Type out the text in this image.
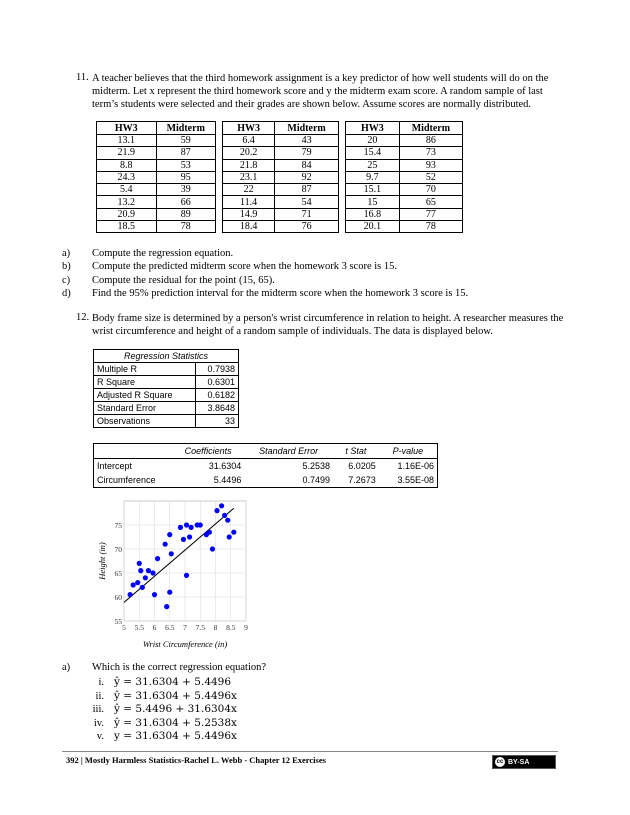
11. A teacher believes that the third homework assignment is a key predictor of how well students will do on the
midterm. Let x represent the third homework score and y the midterm exam score. A random sample of last
term’s students were selected and their grades are shown below. Assume scores are normally distributed.
HW3	Midterm
13.1	59
21.9	87
8.8	53
24.3	95
5.4	39
13.2	66
20.9	89
18.5	78
HW3	Midterm
6.4	43
20.2	79
21.8	84
23.1	92
22	87
11.4	54
14.9	71
18.4	76
HW3	Midterm
20	86
15.4	73
25	93
9.7	52
15.1	70
15	65
16.8	77
20.1	78
a) Compute the regression equation.
b) Compute the predicted midterm score when the homework 3 score is 15.
c) Compute the residual for the point (15, 65).
d) Find the 95% prediction interval for the midterm score when the homework 3 score is 15.
12. Body frame size is determined by a person's wrist circumference in relation to height. A researcher measures the
wrist circumference and height of a random sample of individuals. The data is displayed below.
Regression Statistics	
Multiple R	0.7938
R Square	0.6301
Adjusted R Square	0.6182
Standard Error	3.8648
Observations	33
	Coefficients	Standard Error	t Stat	P-value
Intercept	31.6304	5.2538	6.0205	1.16E-06
Circumference	5.4496	0.7499	7.2673	3.55E-08
5 5.5 6 6.5 7 7.5 8 8.5 9
55
60
65
70
75
Height (in)
Wrist Circumference (in)
a) Which is the correct regression equation?
i. ŷ = 31.6304 + 5.4496
ii. ŷ = 31.6304 + 5.4496x
iii. ŷ = 5.4496 + 31.6304x
iv. ŷ = 31.6304 + 5.2538x
v. y = 31.6304 + 5.4496x
392 | Mostly Harmless Statistics-Rachel L. Webb - Chapter 12 Exercises	cc BY-SA
